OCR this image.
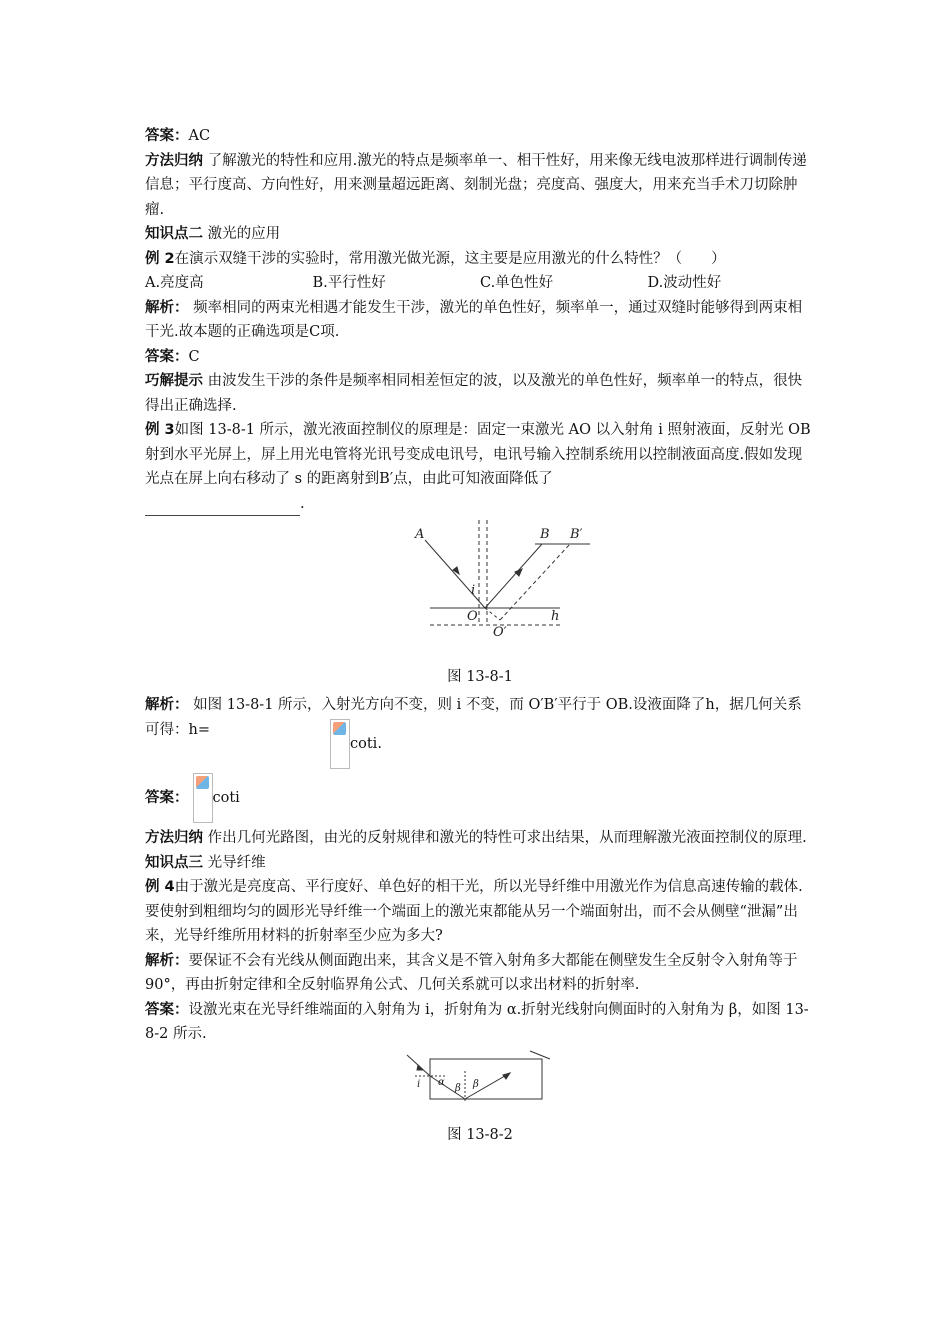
答案：AC

方法归纳 了解激光的特性和应用.激光的特点是频率单一、相干性好，用来像无线电波那样进行调制传递信息；平行度高、方向性好，用来测量超远距离、刻制光盘；亮度高、强度大，用来充当手术刀切除肿瘤.

知识点二 激光的应用

例 2在演示双缝干涉的实验时，常用激光做光源，这主要是应用激光的什么特性？（　　）

A.亮度高	B.平行性好	C.单色性好	D.波动性好

解析： 频率相同的两束光相遇才能发生干涉，激光的单色性好，频率单一，通过双缝时能够得到两束相干光.故本题的正确选项是C项.

答案：C

巧解提示 由波发生干涉的条件是频率相同相差恒定的波，以及激光的单色性好，频率单一的特点，很快得出正确选择.

例 3如图 13-8-1 所示，激光液面控制仪的原理是：固定一束激光 AO 以入射角 i 照射液面，反射光 OB 射到水平光屏上，屏上用光电管将光讯号变成电讯号，电讯号输入控制系统用以控制液面高度.假如发现光点在屏上向右移动了 s 的距离射到B′点，由此可知液面降低了
.

A	B B′
O
O′
i
h

图 13-8-1

解析： 如图 13-8-1 所示，入射光方向不变，则 i 不变，而 O′B′平行于 OB.设液面降了h，据几何关系可得：h=

coti.
答案： coti

方法归纳 作出几何光路图，由光的反射规律和激光的特性可求出结果，从而理解激光液面控制仪的原理.

知识点三 光导纤维

例 4由于激光是亮度高、平行度好、单色好的相干光，所以光导纤维中用激光作为信息高速传输的载体.要使射到粗细均匀的圆形光导纤维一个端面上的激光束都能从另一个端面射出，而不会从侧壁“泄漏”出来，光导纤维所用材料的折射率至少应为多大?

解析：要保证不会有光线从侧面跑出来，其含义是不管入射角多大都能在侧壁发生全反射令入射角等于90°，再由折射定律和全反射临界角公式、几何关系就可以求出材料的折射率.

答案：设激光束在光导纤维端面的入射角为 i，折射角为 α.折射光线射向侧面时的入射角为 β，如图 13-8-2 所示.

i α
β β

图 13-8-2
